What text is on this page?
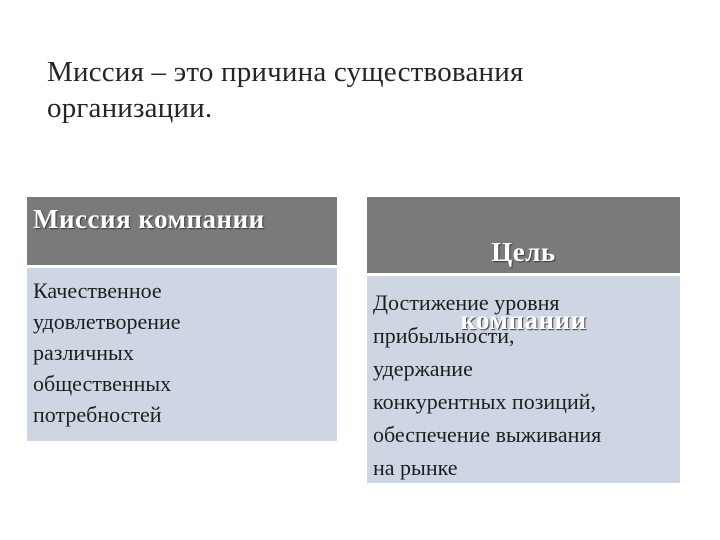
Миссия – это причина существования
организации.
Миссия компании
Качественное
удовлетворение
различных
общественных
потребностей

Цель

компании

Достижение уровня
прибыльности,
удержание
конкурентных позиций,
обеспечение выживания
на рынке
